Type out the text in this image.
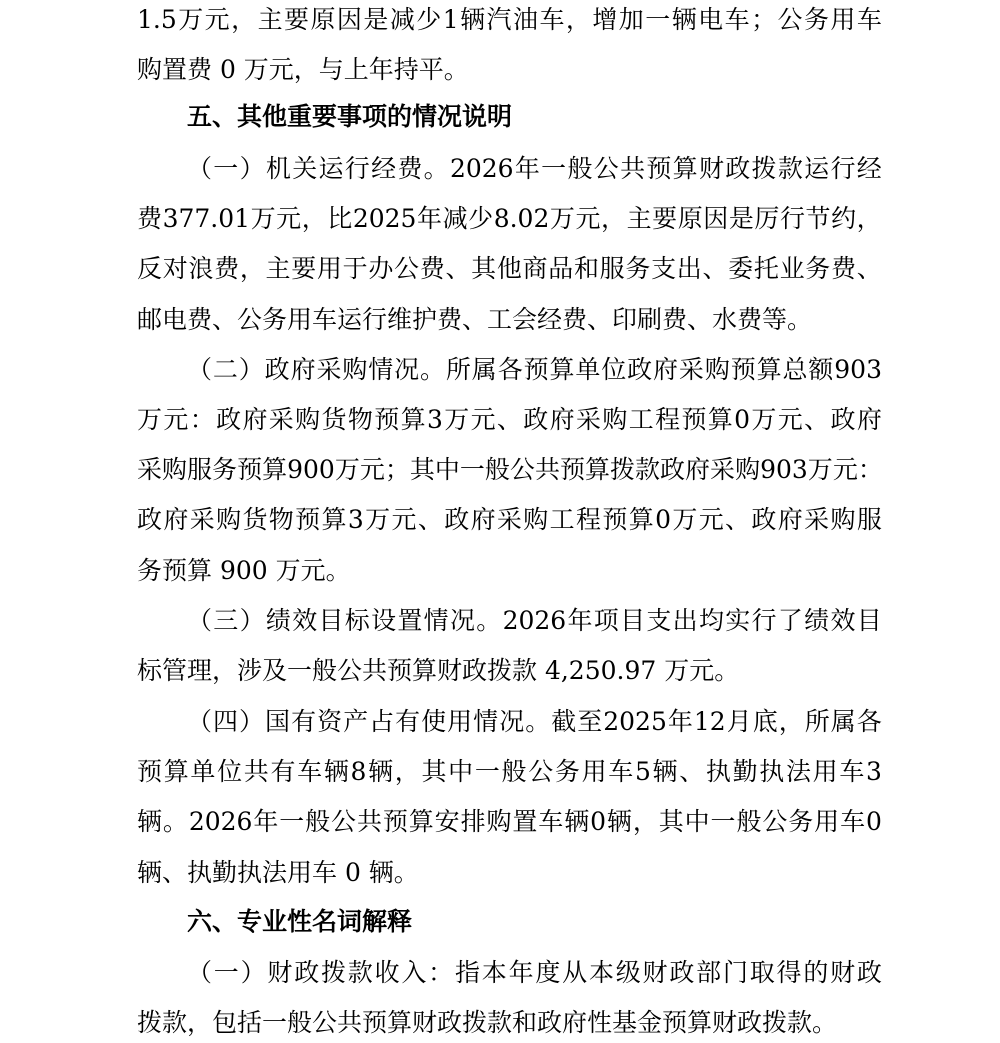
1.5 万 元 ， 主 要 原 因 是 减 少 1 辆 汽 油 车 ， 增 加 一 辆 电 车 ； 公 务 用 车
购置费 0 万元，与上年持平。
五、其他重要事项的情况说明
（ 一 ） 机 关 运 行 经 费 。 2026 年 一 般 公 共 预 算 财 政 拨 款 运 行 经
费 377.01 万 元 ， 比 2025 年 减 少 8.02 万 元 ， 主 要 原 因 是 厉 行 节 约 ，
反 对 浪 费 ， 主 要 用 于 办 公 费 、 其 他 商 品 和 服 务 支 出 、 委 托 业 务 费 、
邮电费、公务用车运行维护费、工会经费、印刷费、水费等。
（ 二 ） 政 府 采 购 情 况 。 所 属 各 预 算 单 位 政 府 采 购 预 算 总 额 903
万 元 ： 政 府 采 购 货 物 预 算 3 万 元 、 政 府 采 购 工 程 预 算 0 万 元 、 政 府
采 购 服 务 预 算 900 万 元 ； 其 中 一 般 公 共 预 算 拨 款 政 府 采 购 903 万 元 ：
政 府 采 购 货 物 预 算 3 万 元 、 政 府 采 购 工 程 预 算 0 万 元 、 政 府 采 购 服
务预算 900 万元。
（ 三 ） 绩 效 目 标 设 置 情 况 。 2026 年 项 目 支 出 均 实 行 了 绩 效 目
标管理，涉及一般公共预算财政拨款 4,250.97 万元。
（ 四 ） 国 有 资 产 占 有 使 用 情 况 。 截 至 2025 年 12 月 底 ， 所 属 各
预 算 单 位 共 有 车 辆 8 辆 ， 其 中 一 般 公 务 用 车 5 辆 、 执 勤 执 法 用 车 3
辆 。 2026 年 一 般 公 共 预 算 安 排 购 置 车 辆 0 辆 ， 其 中 一 般 公 务 用 车 0
辆、执勤执法用车 0 辆。
六、专业性名词解释
（ 一 ） 财 政 拨 款 收 入 ： 指 本 年 度 从 本 级 财 政 部 门 取 得 的 财 政
拨款，包括一般公共预算财政拨款和政府性基金预算财政拨款。
